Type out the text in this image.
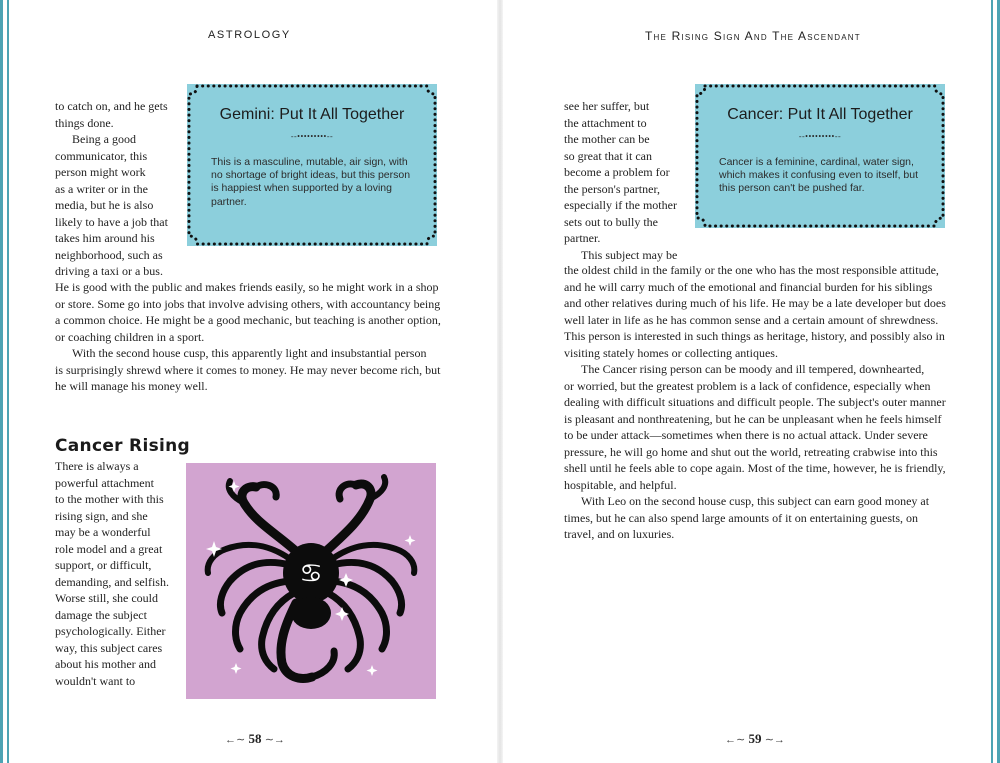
ASTROLOGY	The Rising Sign And The Ascendant

to catch on, and he gets

things done.

Being a good

communicator, this

person might work

as a writer or in the

media, but he is also

likely to have a job that

takes him around his

neighborhood, such as

driving a taxi or a bus.

He is good with the public and makes friends easily, so he might work in a shop

or store. Some go into jobs that involve advising others, with accountancy being

a common choice. He might be a good mechanic, but teaching is another option,

or coaching children in a sport.

With the second house cusp, this apparently light and insubstantial person

is surprisingly shrewd where it comes to money. He may never become rich, but

he will manage his money well.

Gemini: Put It All Together
--•••••••••--
This is a masculine, mutable, air sign, with
no shortage of bright ideas, but this person
is happiest when supported by a loving
partner.
Cancer Rising

There is always a

powerful attachment

to the mother with this

rising sign, and she

may be a wonderful

role model and a great

support, or difficult,

demanding, and selfish.

Worse still, she could

damage the subject

psychologically. Either

way, this subject cares

about his mother and

wouldn't want to

♋
←∼ 58 ∼→

see her suffer, but

the attachment to

the mother can be

so great that it can

become a problem for

the person's partner,

especially if the mother

sets out to bully the

partner.

This subject may be

the oldest child in the family or the one who has the most responsible attitude,

and he will carry much of the emotional and financial burden for his siblings

and other relatives during much of his life. He may be a late developer but does

well later in life as he has common sense and a certain amount of shrewdness.

This person is interested in such things as heritage, history, and possibly also in

visiting stately homes or collecting antiques.

The Cancer rising person can be moody and ill tempered, downhearted,

or worried, but the greatest problem is a lack of confidence, especially when

dealing with difficult situations and difficult people. The subject's outer manner

is pleasant and nonthreatening, but he can be unpleasant when he feels himself

to be under attack—sometimes when there is no actual attack. Under severe

pressure, he will go home and shut out the world, retreating crabwise into this

shell until he feels able to cope again. Most of the time, however, he is friendly,

hospitable, and helpful.

With Leo on the second house cusp, this subject can earn good money at

times, but he can also spend large amounts of it on entertaining guests, on

travel, and on luxuries.

Cancer: Put It All Together
--•••••••••--
Cancer is a feminine, cardinal, water sign,
which makes it confusing even to itself, but
this person can't be pushed far.
←∼ 59 ∼→
